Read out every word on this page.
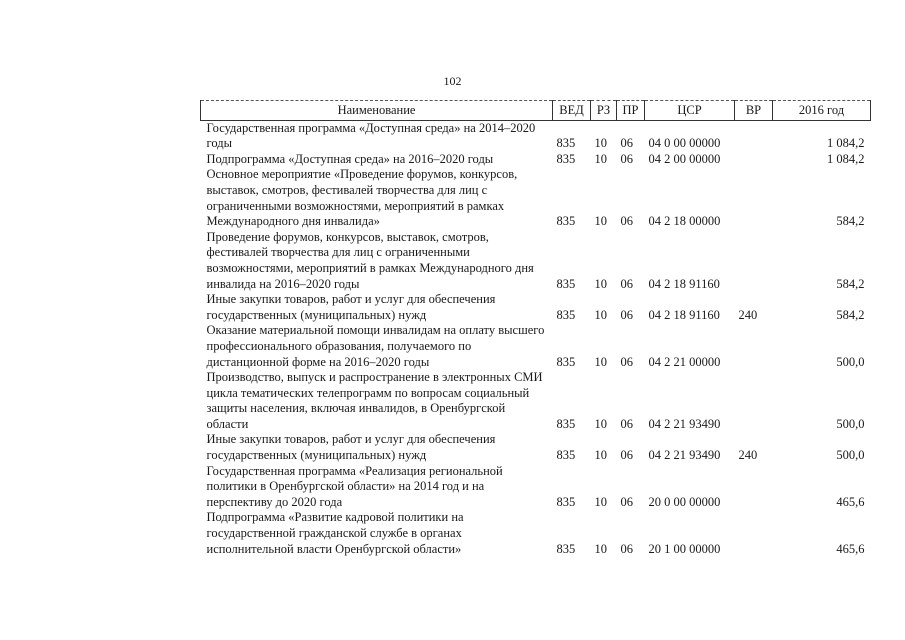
102
Наименование	ВЕД	РЗ	ПР	ЦСР	ВР	2016 год
Государственная программа «Доступная среда» на 2014–2020 годы	835	10	06	04 0 00 00000		1 084,2
Подпрограмма «Доступная среда» на 2016–2020 годы	835	10	06	04 2 00 00000		1 084,2
Основное мероприятие «Проведение форумов, конкурсов, выставок, смотров, фестивалей творчества для лиц с ограниченными возможностями, мероприятий в рамках Международного дня инвалида»	835	10	06	04 2 18 00000		584,2
Проведение форумов, конкурсов, выставок, смотров, фестивалей творчества для лиц с ограниченными возможностями, мероприятий в рамках Международного дня инвалида на 2016–2020 годы	835	10	06	04 2 18 91160		584,2
Иные закупки товаров, работ и услуг для обеспечения государственных (муниципальных) нужд	835	10	06	04 2 18 91160	240	584,2
Оказание материальной помощи инвалидам на оплату высшего профессионального образования, получаемого по дистанционной форме на 2016–2020 годы	835	10	06	04 2 21 00000		500,0
Производство, выпуск и распространение в электронных СМИ цикла тематических телепрограмм по вопросам социальный защиты населения, включая инвалидов, в Оренбургской области	835	10	06	04 2 21 93490		500,0
Иные закупки товаров, работ и услуг для обеспечения государственных (муниципальных) нужд	835	10	06	04 2 21 93490	240	500,0
Государственная программа «Реализация региональной политики в Оренбургской области» на 2014 год и на перспективу до 2020 года	835	10	06	20 0 00 00000		465,6
Подпрограмма «Развитие кадровой политики на государственной гражданской службе в органах исполнительной власти Оренбургской области»	835	10	06	20 1 00 00000		465,6
